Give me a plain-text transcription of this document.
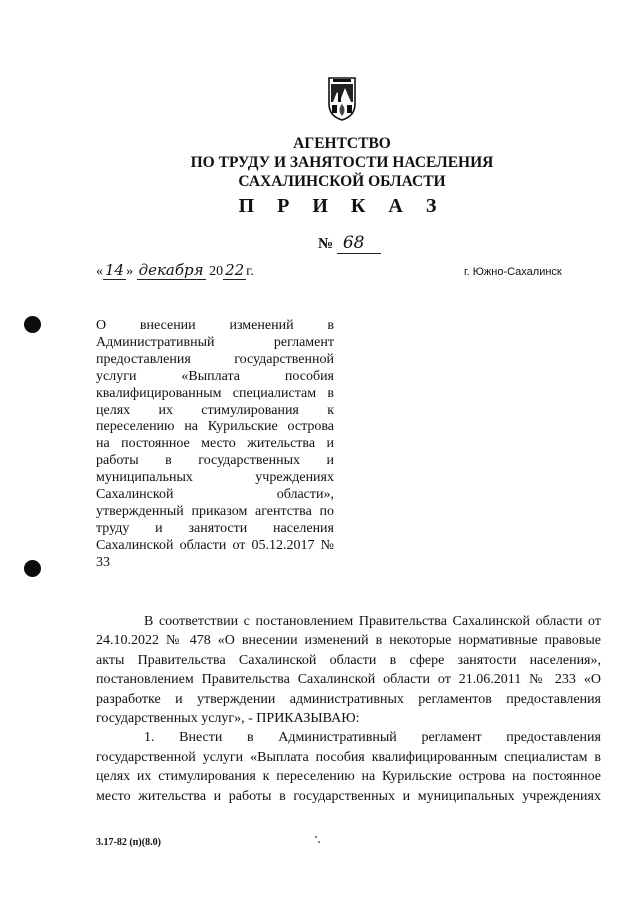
АГЕНТСТВО
ПО ТРУДУ И ЗАНЯТОСТИ НАСЕЛЕНИЯ
САХАЛИНСКОЙ ОБЛАСТИ
П Р И К А З
№ 68
« 14 » декабря 20 22 г.	г. Южно-Сахалинск
О внесении изменений в
Административный регламент
предоставления государственной
услуги «Выплата пособия
квалифицированным специалистам в
целях их стимулирования к
переселению на Курильские острова
на постоянное место жительства и
работы в государственных и
муниципальных учреждениях
Сахалинской области»,
утвержденный приказом агентства по
труду и занятости населения
Сахалинской области от 05.12.2017 №
33
В соответствии с постановлением Правительства Сахалинской области от
24.10.2022 № 478 «О внесении изменений в некоторые нормативные правовые
акты Правительства Сахалинской области в сфере занятости населения»,
постановлением Правительства Сахалинской области от 21.06.2011 № 233 «О
разработке и утверждении административных регламентов предоставления
государственных услуг», - ПРИКАЗЫВАЮ:
1. Внести в Административный регламент предоставления
государственной услуги «Выплата пособия квалифицированным специалистам в
целях их стимулирования к переселению на Курильские острова на постоянное
место жительства и работы в государственных и муниципальных учреждениях
3.17-82 (п)(8.0)
